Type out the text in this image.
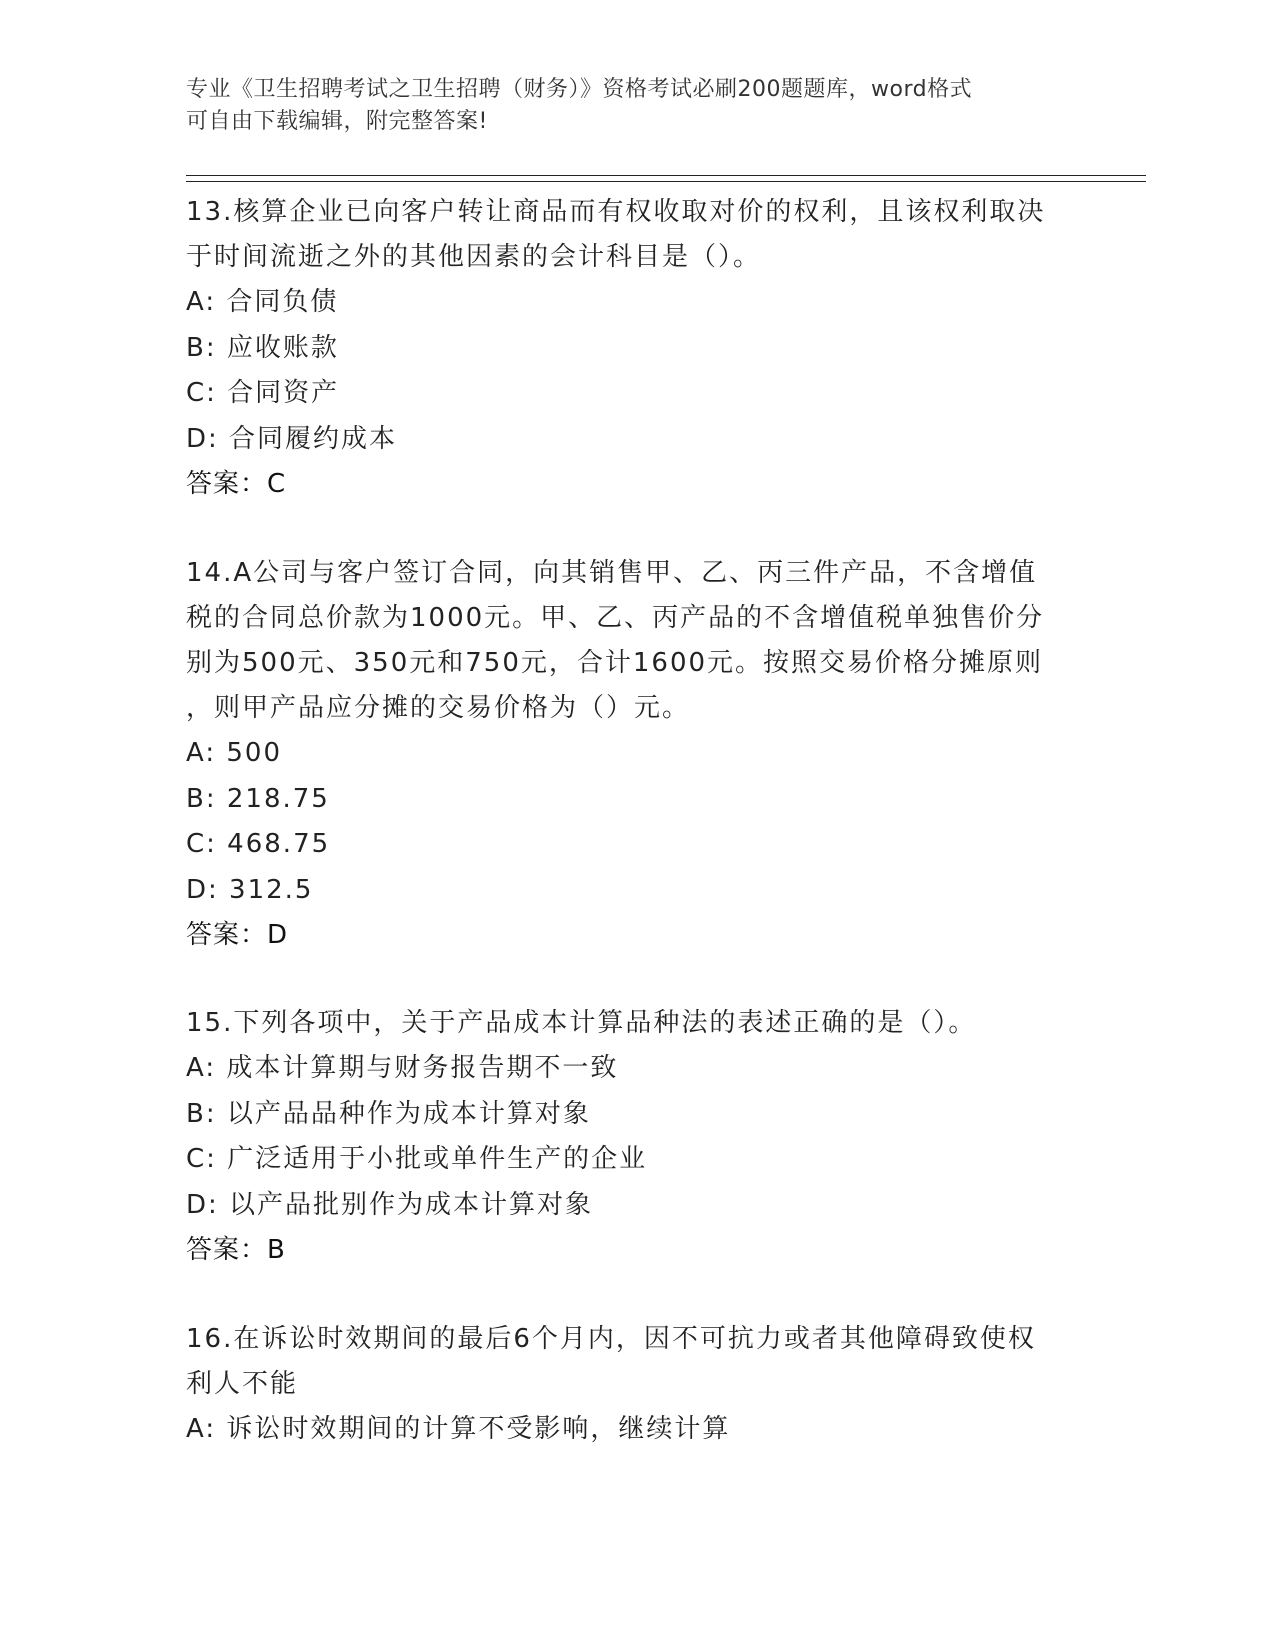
专业《卫生招聘考试之卫生招聘（财务）》资格考试必刷200题题库，word格式
可自由下载编辑，附完整答案!
13.核算企业已向客户转让商品而有权收取对价的权利，且该权利取决
于时间流逝之外的其他因素的会计科目是（）。
A: 合同负债
B: 应收账款
C: 合同资产
D: 合同履约成本
答案：C
14.A公司与客户签订合同，向其销售甲、乙、丙三件产品，不含增值
税的合同总价款为1000元。甲、乙、丙产品的不含增值税单独售价分
别为500元、350元和750元，合计1600元。按照交易价格分摊原则
，则甲产品应分摊的交易价格为（）元。
A: 500
B: 218.75
C: 468.75
D: 312.5
答案：D
15.下列各项中，关于产品成本计算品种法的表述正确的是（）。
A: 成本计算期与财务报告期不一致
B: 以产品品种作为成本计算对象
C: 广泛适用于小批或单件生产的企业
D: 以产品批别作为成本计算对象
答案：B
16.在诉讼时效期间的最后6个月内，因不可抗力或者其他障碍致使权
利人不能
A: 诉讼时效期间的计算不受影响，继续计算
